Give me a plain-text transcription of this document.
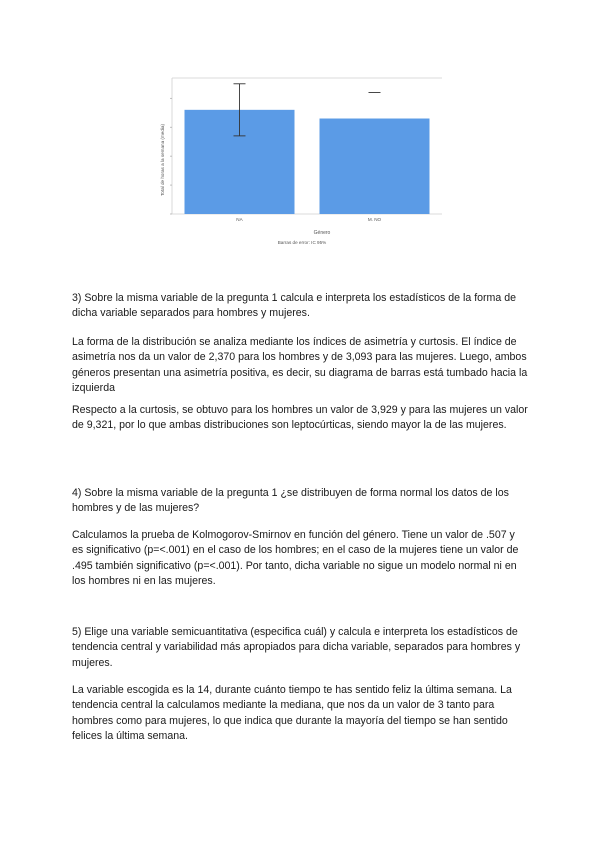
NA	M. NO
Total de horas a la semana (media)
Género
Barras de error: IC 95%

3) Sobre la misma variable de la pregunta 1 calcula e interpreta los estadísticos de la forma de dicha variable separados para hombres y mujeres.

La forma de la distribución se analiza mediante los índices de asimetría y curtosis. El índice de asimetría nos da un valor de 2,370 para los hombres y de 3,093 para las mujeres. Luego, ambos géneros presentan una asimetría positiva, es decir, su diagrama de barras está tumbado hacia la izquierda

Respecto a la curtosis, se obtuvo para los hombres un valor de 3,929 y para las mujeres un valor de 9,321, por lo que ambas distribuciones son leptocúrticas, siendo mayor la de las mujeres.

4) Sobre la misma variable de la pregunta 1 ¿se distribuyen de forma normal los datos de los hombres y de las mujeres?

Calculamos la prueba de Kolmogorov-Smirnov en función del género. Tiene un valor de .507 y es significativo (p=<.001) en el caso de los hombres; en el caso de la mujeres tiene un valor de .495 también significativo (p=<.001). Por tanto, dicha variable no sigue un modelo normal ni en los hombres ni en las mujeres.

5) Elige una variable semicuantitativa (especifica cuál) y calcula e interpreta los estadísticos de tendencia central y variabilidad más apropiados para dicha variable, separados para hombres y mujeres.

La variable escogida es la 14, durante cuánto tiempo te has sentido feliz la última semana. La tendencia central la calculamos mediante la mediana, que nos da un valor de 3 tanto para hombres como para mujeres, lo que indica que durante la mayoría del tiempo se han sentido felices la última semana.
